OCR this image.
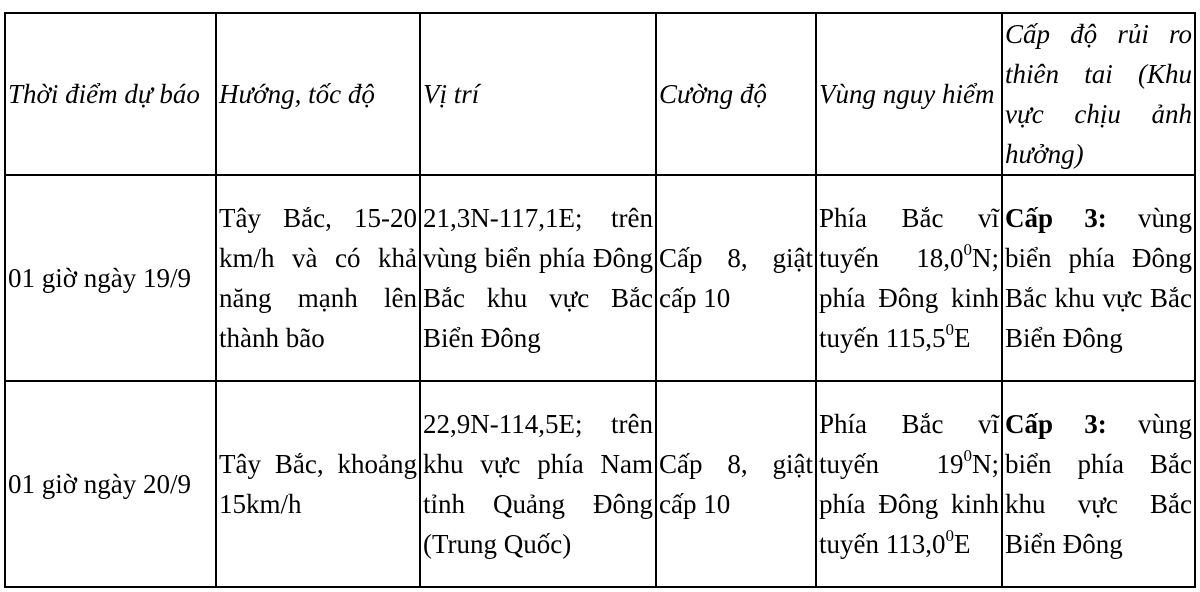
Thời điểm dự báo	Hướng, tốc độ	Vị trí	Cường độ	Vùng nguy hiểm	Cấp độ rủi ro thiên tai (Khu vực chịu ảnh hưởng)
01 giờ ngày 19/9	Tây Bắc, 15-20 km/h và có khả năng mạnh lên thành bão	21,3N-117,1E; trên vùng biển phía Đông Bắc khu vực Bắc Biển Đông	Cấp 8, giật cấp 10	Phía Bắc vĩ tuyến 18,0$^0$N; phía Đông kinh tuyến 115,5$^0$E	Cấp 3: vùng biển phía Đông Bắc khu vực Bắc Biển Đông
01 giờ ngày 20/9	Tây Bắc, khoảng 15km/h	22,9N-114,5E; trên khu vực phía Nam tỉnh Quảng Đông (Trung Quốc)	Cấp 8, giật cấp 10	Phía Bắc vĩ tuyến $19^0N$; phía Đông kinh tuyến 113,0$^0$E	Cấp 3: vùng biển phía Bắc khu vực Bắc Biển Đông
